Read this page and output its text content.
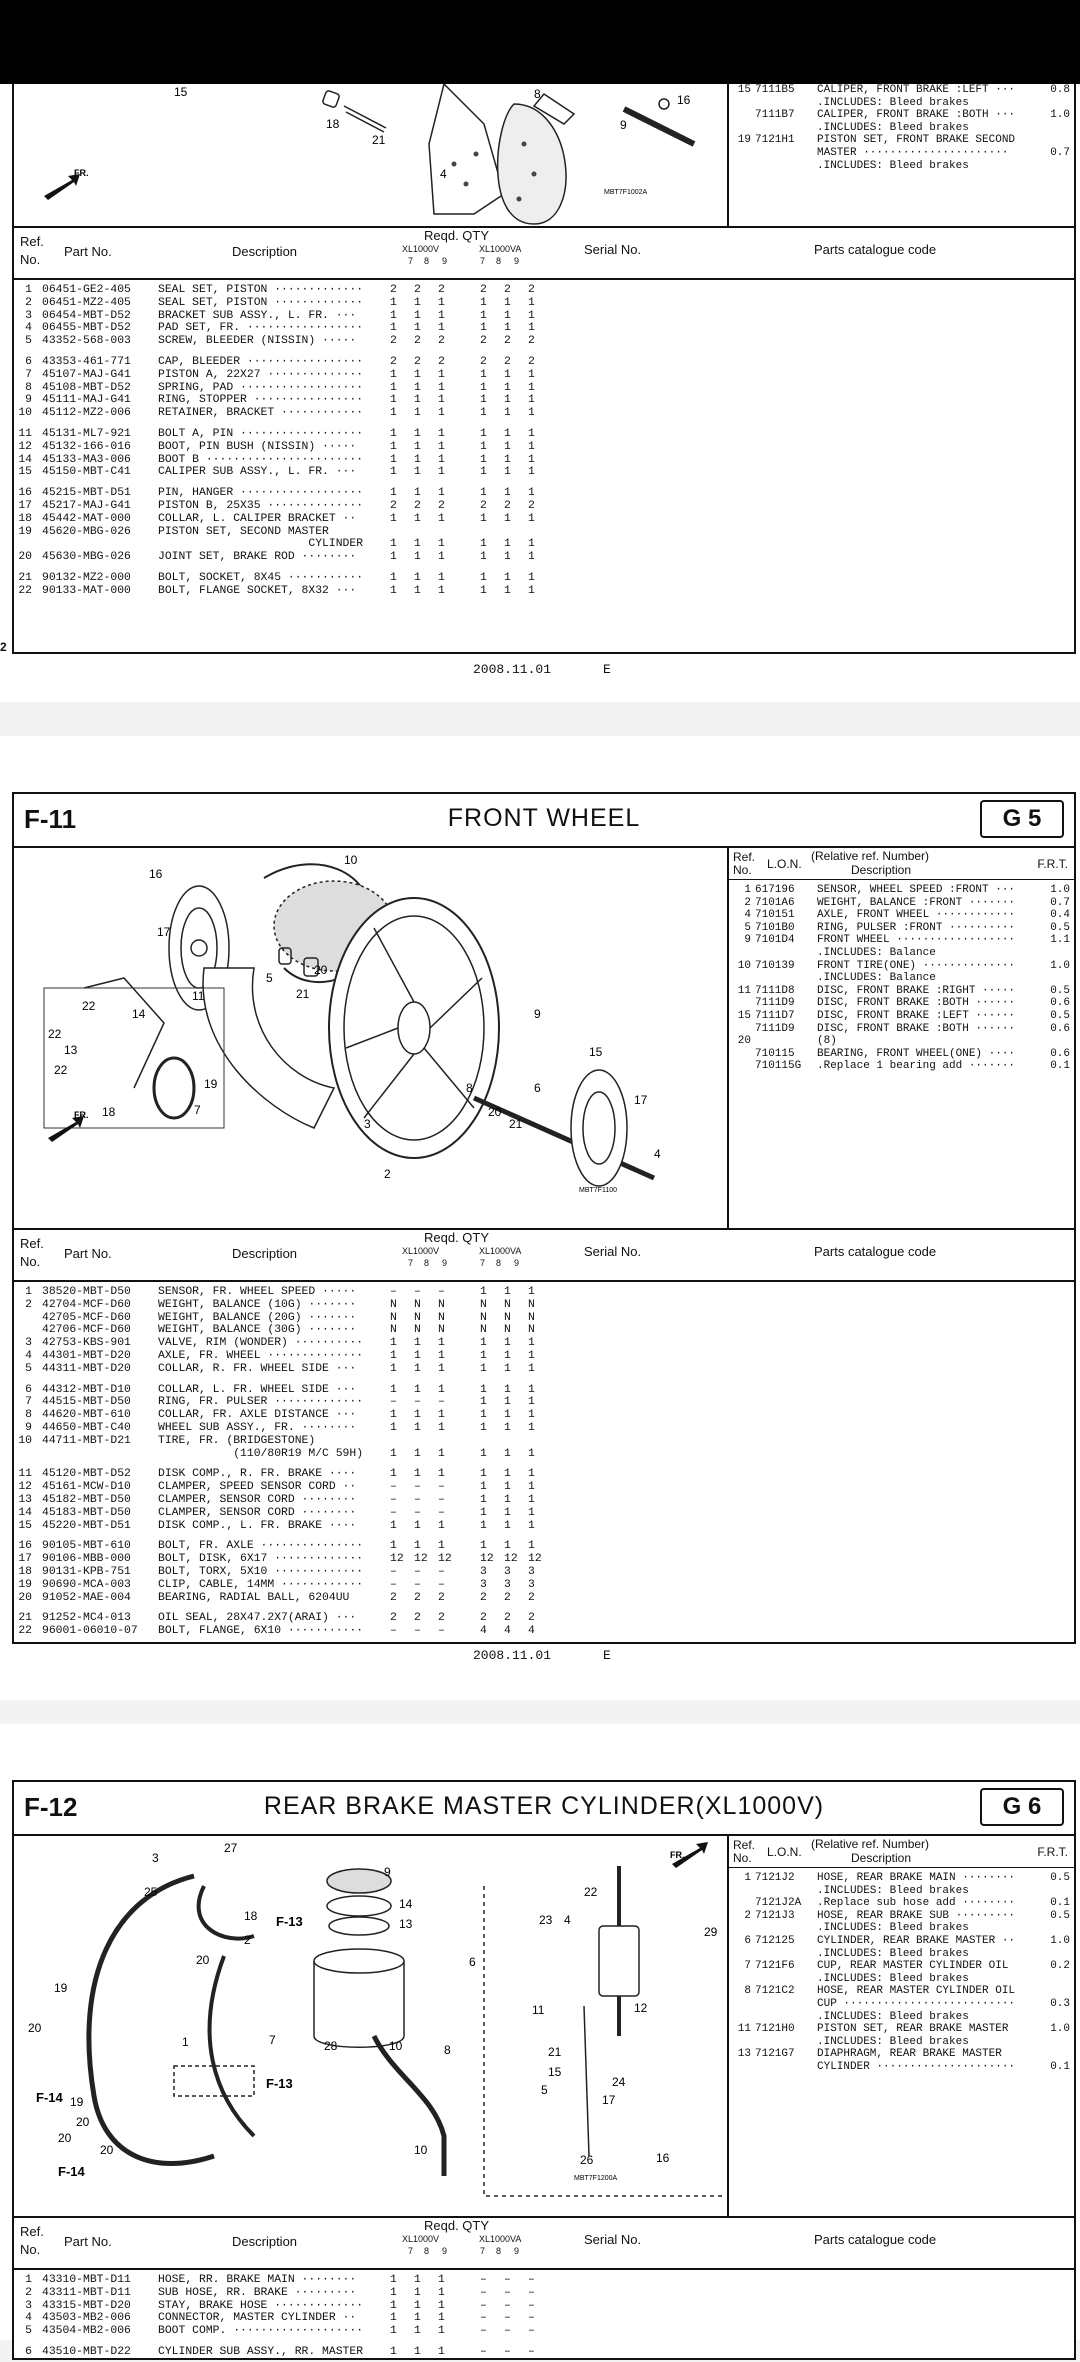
15
18
21
8	16
9
4
MBT7F1002A
FR.
15 7111B5 CALIPER, FRONT BRAKE :LEFT ···	0.8
.INCLUDES: Bleed brakes
7111B7 CALIPER, FRONT BRAKE :BOTH ···	1.0
.INCLUDES: Bleed brakes
19 7121H1 PISTON SET, FRONT BRAKE SECOND
MASTER ······················	0.7
.INCLUDES: Bleed brakes
Ref.
No.
Part No.	Description
Reqd. QTY
XL1000V	XL1000VA	Serial No.	Parts catalogue code
7 8 9	7 8 9
1 06451-GE2-405 SEAL SET, PISTON ············· 2 2 2	2 2 2
2 06451-MZ2-405 SEAL SET, PISTON ············· 1 1 1	1 1 1
3 06454-MBT-D52 BRACKET SUB ASSY., L. FR. ···	1 1 1	1 1 1
4 06455-MBT-D52 PAD SET, FR. ················· 1 1 1	1 1 1
5 43352-568-003 SCREW, BLEEDER (NISSIN) ·····	2 2 2	2 2 2
6 43353-461-771 CAP, BLEEDER ················· 2 2 2	2 2 2
7 45107-MAJ-G41 PISTON A, 22X27 ·············· 1 1 1	1 1 1
8 45108-MBT-D52 SPRING, PAD ·················· 1 1 1	1 1 1
9 45111-MAJ-G41 RING, STOPPER ················ 1 1 1	1 1 1
10 45112-MZ2-006 RETAINER, BRACKET ············ 1 1 1	1 1 1
11 45131-ML7-921 BOLT A, PIN ·················· 1 1 1	1 1 1
12 45132-166-016 BOOT, PIN BUSH (NISSIN) ·····	1 1 1	1 1 1
14 45133-MA3-006 BOOT B ······················· 1 1 1	1 1 1
15 45150-MBT-C41 CALIPER SUB ASSY., L. FR. ···	1 1 1	1 1 1
16 45215-MBT-D51 PIN, HANGER ·················· 1 1 1	1 1 1
17 45217-MAJ-G41 PISTON B, 25X35 ·············· 2 2 2	2 2 2
18 45442-MAT-000 COLLAR, L. CALIPER BRACKET ··	1 1 1	1 1 1
19 45620-MBG-026 PISTON SET, SECOND MASTER
CYLINDER 1 1 1	1 1 1
20 45630-MBG-026 JOINT SET, BRAKE ROD ········	1 1 1	1 1 1
21 90132-MZ2-000 BOLT, SOCKET, 8X45 ··········· 1 1 1	1 1 1
22 90133-MAT-000 BOLT, FLANGE SOCKET, 8X32 ···	1 1 1	1 1 1
2008.11.01	E
2
F-11	FRONT WHEEL	G 5
16
17
10
11
5
20
21
9
8
20
21
6
15
17
4
3
2
22
14
22
13
22
19
7
18
MBT7F1100
FR.
Ref.
No. L.O.N.
(Relative ref. Number)
Description	F.R.T.
1 617196 SENSOR, WHEEL SPEED :FRONT ···	1.0
2 7101A6 WEIGHT, BALANCE :FRONT ·······	0.7
4 710151 AXLE, FRONT WHEEL ············	0.4
5 7101B0 RING, PULSER :FRONT ··········	0.5
9 7101D4 FRONT WHEEL ··················	1.1
.INCLUDES: Balance
10 710139 FRONT TIRE(ONE) ··············	1.0
.INCLUDES: Balance
11 7111D8 DISC, FRONT BRAKE :RIGHT ·····	0.5
7111D9 DISC, FRONT BRAKE :BOTH ······	0.6
15 7111D7 DISC, FRONT BRAKE :LEFT ······	0.5
7111D9 DISC, FRONT BRAKE :BOTH ······	0.6
20	(8)
710115 BEARING, FRONT WHEEL(ONE) ····	0.6
710115G .Replace 1 bearing add ·······	0.1
Ref.
No.
Part No.	Description
Reqd. QTY
XL1000V	XL1000VA	Serial No.	Parts catalogue code
7 8 9	7 8 9
1 38520-MBT-D50 SENSOR, FR. WHEEL SPEED ·····	– – –	1 1 1
2 42704-MCF-D60 WEIGHT, BALANCE (10G) ·······	N N N	N N N
42705-MCF-D60 WEIGHT, BALANCE (20G) ·······	N N N	N N N
42706-MCF-D60 WEIGHT, BALANCE (30G) ·······	N N N	N N N
3 42753-KBS-901 VALVE, RIM (WONDER) ·········· 1 1 1	1 1 1
4 44301-MBT-D20 AXLE, FR. WHEEL ·············· 1 1 1	1 1 1
5 44311-MBT-D20 COLLAR, R. FR. WHEEL SIDE ···	1 1 1	1 1 1
6 44312-MBT-D10 COLLAR, L. FR. WHEEL SIDE ···	1 1 1	1 1 1
7 44515-MBT-D50 RING, FR. PULSER ············· – – –	1 1 1
8 44620-MBT-610 COLLAR, FR. AXLE DISTANCE ···	1 1 1	1 1 1
9 44650-MBT-C40 WHEEL SUB ASSY., FR. ········	1 1 1	1 1 1
10 44711-MBT-D21 TIRE, FR. (BRIDGESTONE)
(110/80R19 M/C 59H) 1 1 1	1 1 1
11 45120-MBT-D52 DISK COMP., R. FR. BRAKE ····	1 1 1	1 1 1
12 45161-MCW-D10 CLAMPER, SPEED SENSOR CORD ··	– – –	1 1 1
13 45182-MBT-D50 CLAMPER, SENSOR CORD ········	– – –	1 1 1
14 45183-MBT-D50 CLAMPER, SENSOR CORD ········	– – –	1 1 1
15 45220-MBT-D51 DISK COMP., L. FR. BRAKE ····	1 1 1	1 1 1
16 90105-MBT-610 BOLT, FR. AXLE ··············· 1 1 1	1 1 1
17 90106-MBB-000 BOLT, DISK, 6X17 ············· 12 12 12 12 12 12
18 90131-KPB-751 BOLT, TORX, 5X10 ············· – – –	3 3 3
19 90690-MCA-003 CLIP, CABLE, 14MM ············ – – –	3 3 3
20 91052-MAE-004 BEARING, RADIAL BALL, 6204UU	2 2 2	2 2 2
21 91252-MC4-013 OIL SEAL, 28X47.2X7(ARAI) ···	2 2 2	2 2 2
22 96001-06010-07 BOLT, FLANGE, 6X10 ··········· – – –	4 4 4
2008.11.01	E
F-12	REAR BRAKE MASTER CYLINDER(XL1000V)	G 6
3
27
25
18 F-13
2
20
9
14
13
6
7
8
10
28
19
20
1
F-13
F-14 19
20
20
20
F-14
10
22
23 4
29
11	12
21
15
5
24
17
26	16
MBT7F1200A
FR.
Ref.
No. L.O.N.
(Relative ref. Number)
Description	F.R.T.
1 7121J2 HOSE, REAR BRAKE MAIN ········	0.5
.INCLUDES: Bleed brakes
7121J2A .Replace sub hose add ········	0.1
2 7121J3 HOSE, REAR BRAKE SUB ·········	0.5
.INCLUDES: Bleed brakes
6 712125 CYLINDER, REAR BRAKE MASTER ··	1.0
.INCLUDES: Bleed brakes
7 7121F6 CUP, REAR MASTER CYLINDER OIL	0.2
.INCLUDES: Bleed brakes
8 7121C2 HOSE, REAR MASTER CYLINDER OIL
CUP ··························	0.3
.INCLUDES: Bleed brakes
11 7121H0 PISTON SET, REAR BRAKE MASTER	1.0
.INCLUDES: Bleed brakes
13 7121G7 DIAPHRAGM, REAR BRAKE MASTER
CYLINDER ·····················	0.1
Ref.
No.
Part No.	Description
Reqd. QTY
XL1000V	XL1000VA	Serial No.	Parts catalogue code
7 8 9	7 8 9
1 43310-MBT-D11 HOSE, RR. BRAKE MAIN ········	1 1 1	– – –
2 43311-MBT-D11 SUB HOSE, RR. BRAKE ·········	1 1 1	– – –
3 43315-MBT-D20 STAY, BRAKE HOSE ············· 1 1 1	– – –
4 43503-MB2-006 CONNECTOR, MASTER CYLINDER ··	1 1 1	– – –
5 43504-MB2-006 BOOT COMP. ··················· 1 1 1	– – –
6 43510-MBT-D22 CYLINDER SUB ASSY., RR. MASTER 1 1 1	– – –
